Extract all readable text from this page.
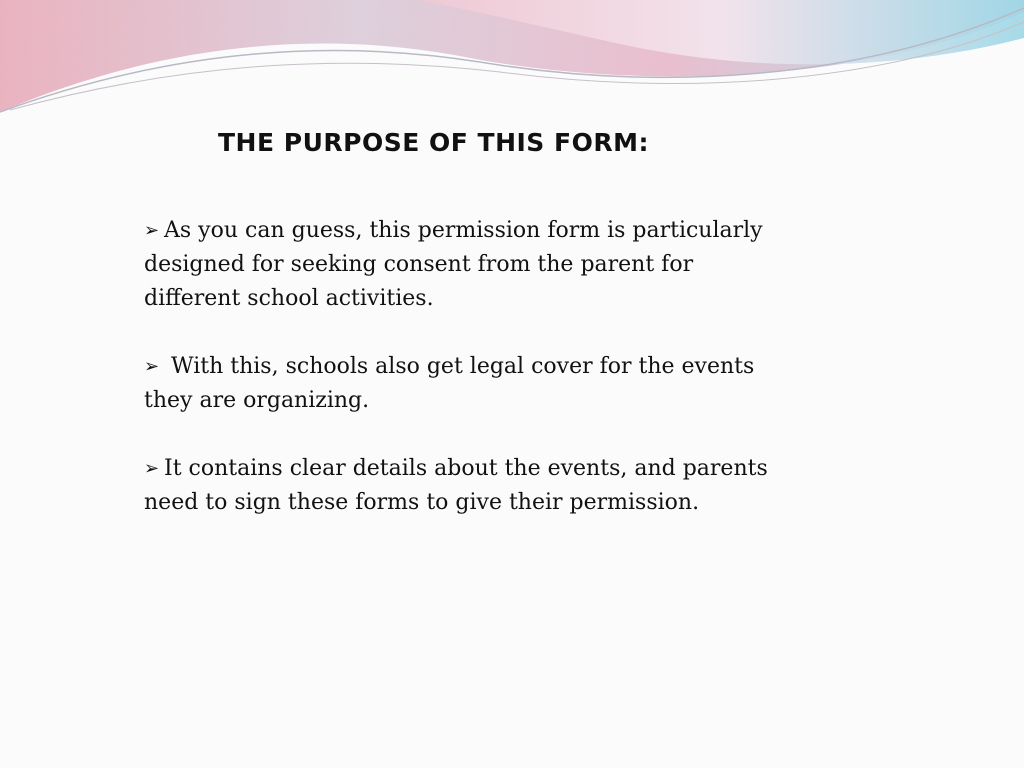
THE PURPOSE OF THIS FORM:

➢ As you can guess, this permission form is particularly designed for seeking consent from the parent for different school activities.

➢ With this, schools also get legal cover for the events they are organizing.

➢ It contains clear details about the events, and parents need to sign these forms to give their permission.
